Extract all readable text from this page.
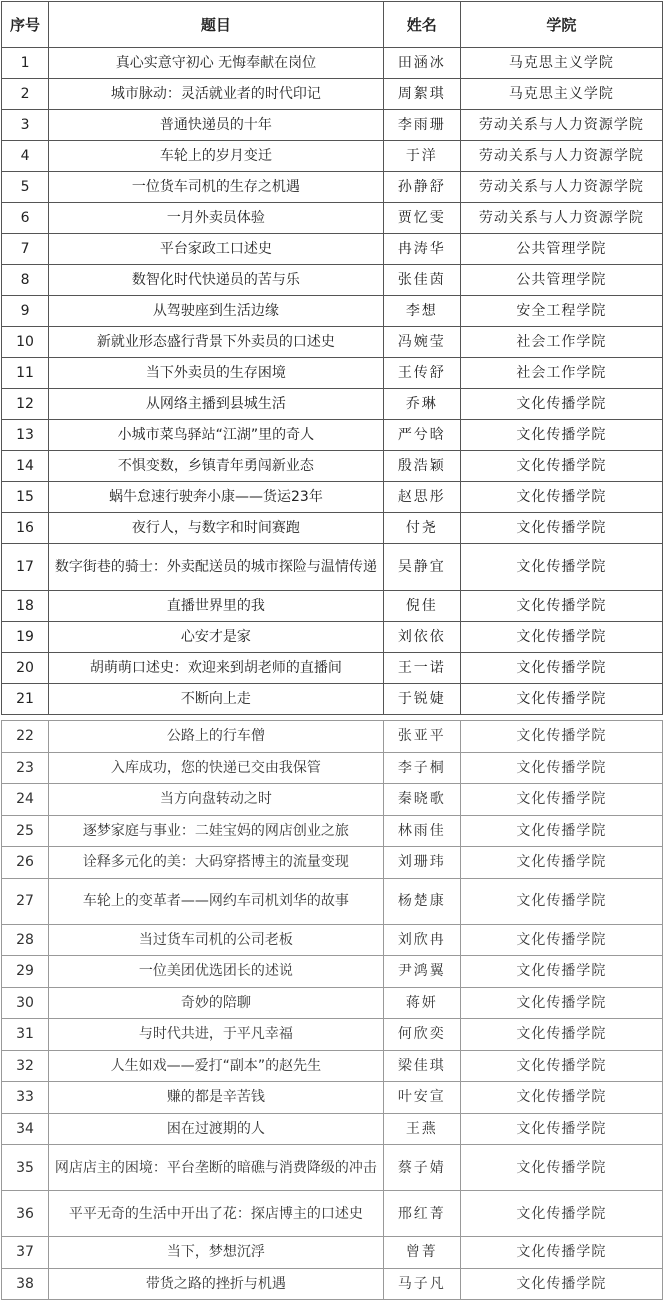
序号	题目	姓名	学院
1	真心实意守初心 无悔奉献在岗位	田涵冰	马克思主义学院
2	城市脉动：灵活就业者的时代印记	周絮琪	马克思主义学院
3	普通快递员的十年	李雨珊	劳动关系与人力资源学院
4	车轮上的岁月变迁	于洋	劳动关系与人力资源学院
5	一位货车司机的生存之机遇	孙静舒	劳动关系与人力资源学院
6	一月外卖员体验	贾忆雯	劳动关系与人力资源学院
7	平台家政工口述史	冉涛华	公共管理学院
8	数智化时代快递员的苦与乐	张佳茵	公共管理学院
9	从驾驶座到生活边缘	李想	安全工程学院
10	新就业形态盛行背景下外卖员的口述史	冯婉莹	社会工作学院
11	当下外卖员的生存困境	王传舒	社会工作学院
12	从网络主播到县城生活	乔琳	文化传播学院
13	小城市菜鸟驿站“江湖”里的奇人	严兮晗	文化传播学院
14	不惧变数，乡镇青年勇闯新业态	殷浩颖	文化传播学院
15	蜗牛怠速行驶奔小康——货运23年	赵思彤	文化传播学院
16	夜行人，与数字和时间赛跑	付尧	文化传播学院
17	数字街巷的骑士：外卖配送员的城市探险与温情传递	吴静宜	文化传播学院
18	直播世界里的我	倪佳	文化传播学院
19	心安才是家	刘依依	文化传播学院
20	胡萌萌口述史：欢迎来到胡老师的直播间	王一诺	文化传播学院
21	不断向上走	于锐婕	文化传播学院
22	公路上的行车僧	张亚平	文化传播学院
23	入库成功，您的快递已交由我保管	李子桐	文化传播学院
24	当方向盘转动之时	秦晓歌	文化传播学院
25	逐梦家庭与事业：二娃宝妈的网店创业之旅	林雨佳	文化传播学院
26	诠释多元化的美：大码穿搭博主的流量变现	刘珊玮	文化传播学院
27	车轮上的变革者——网约车司机刘华的故事	杨楚康	文化传播学院
28	当过货车司机的公司老板	刘欣冉	文化传播学院
29	一位美团优选团长的述说	尹鸿翼	文化传播学院
30	奇妙的陪聊	蒋妍	文化传播学院
31	与时代共进，于平凡幸福	何欣奕	文化传播学院
32	人生如戏——爱打“副本”的赵先生	梁佳琪	文化传播学院
33	赚的都是辛苦钱	叶安宣	文化传播学院
34	困在过渡期的人	王燕	文化传播学院
35	网店店主的困境：平台垄断的暗礁与消费降级的冲击	蔡子婧	文化传播学院
36	平平无奇的生活中开出了花：探店博主的口述史	邢红菁	文化传播学院
37	当下，梦想沉浮	曾菁	文化传播学院
38	带货之路的挫折与机遇	马子凡	文化传播学院
